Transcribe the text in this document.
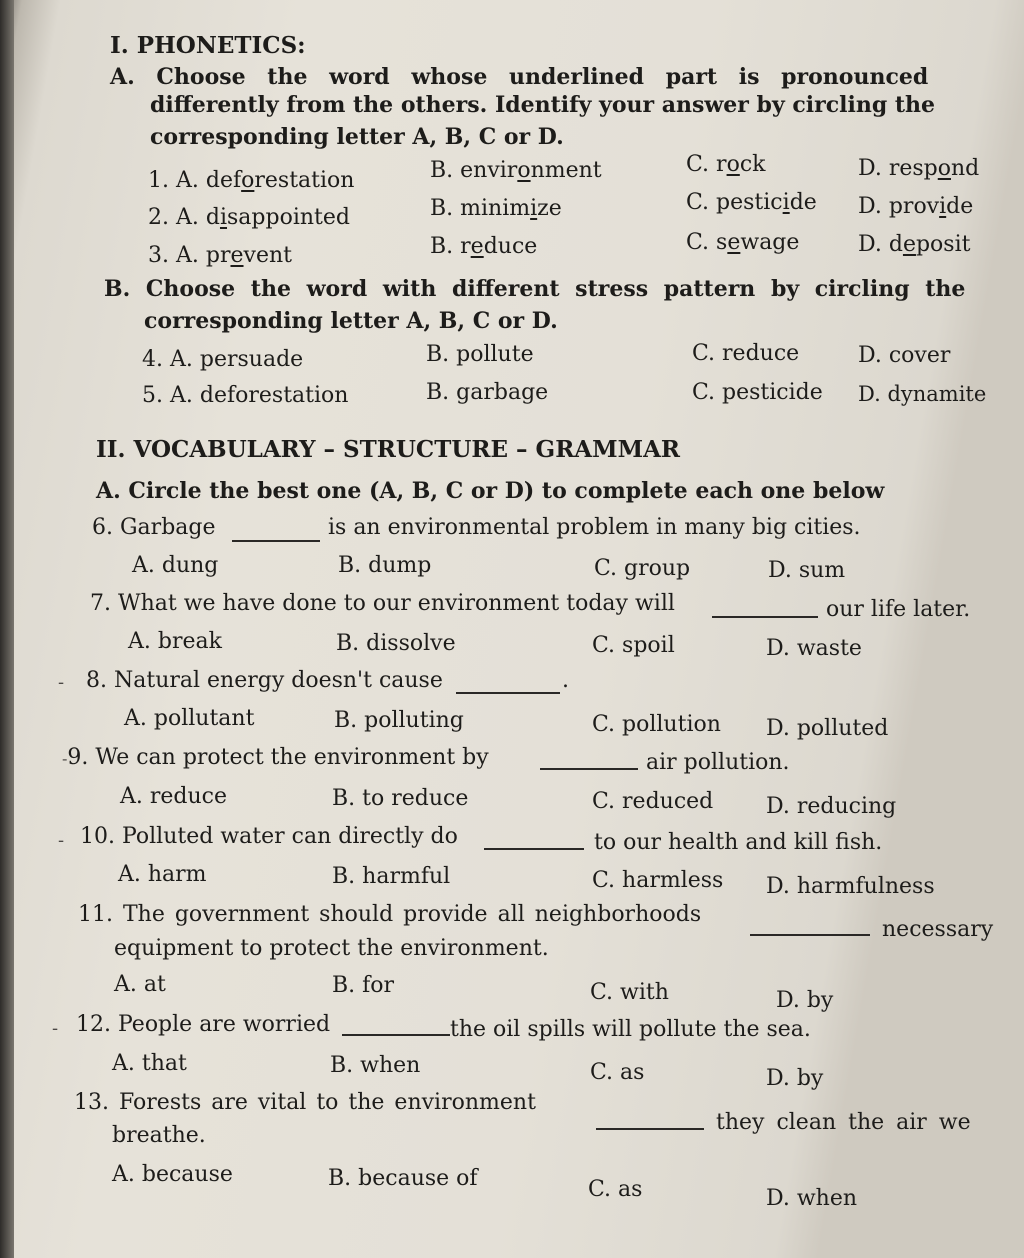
I. PHONETICS:
A. Choose the word whose underlined part is pronounced
differently from the others. Identify your answer by circling the
corresponding letter A, B, C or D.
1. A. deforestation	B. environment	C. rock	D. respond
2. A. disappointed	B. minimize	C. pesticide D. provide
3. A. prevent	B. reduce	C. sewage	D. deposit
B. Choose the word with different stress pattern by circling the
corresponding letter A, B, C or D.
4. A. persuade	B. pollute	C. reduce	D. cover
5. A. deforestation	B. garbage	C. pesticide D. dynamite
II. VOCABULARY – STRUCTURE – GRAMMAR
A. Circle the best one (A, B, C or D) to complete each one below
6. Garbage	is an environmental problem in many big cities.
A. dung	B. dump	C. group	D. sum
7. What we have done to our environment today will	our life later.
A. break	B. dissolve	C. spoil	D. waste
‐ 8. Natural energy doesn't cause	.
A. pollutant	B. polluting	C. pollution D. polluted
‐9. We can protect the environment by	air pollution.
A. reduce	B. to reduce	C. reduced D. reducing
‐ 10. Polluted water can directly do	to our health and kill fish.
A. harm	B. harmful	C. harmless D. harmfulness
11. The government should provide all neighborhoods
necessary
equipment to protect the environment.
A. at	B. for	C. with	D. by
‐ 12. People are worried	the oil spills will pollute the sea.
A. that	B. when	C. as	D. by
13. Forests are vital to the environment
they clean the air we
breathe.
A. because	B. because of	C. as	D. when
